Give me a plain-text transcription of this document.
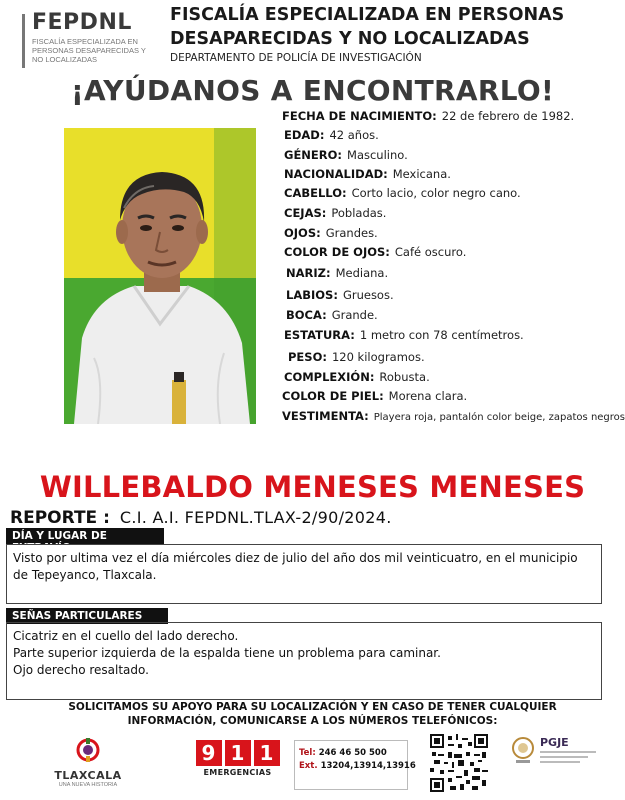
FEPDNL
FISCALÍA ESPECIALIZADA EN
PERSONAS DESAPARECIDAS Y
NO LOCALIZADAS
FISCALÍA ESPECIALIZADA EN PERSONAS
DESAPARECIDAS Y NO LOCALIZADAS
DEPARTAMENTO DE POLICÍA DE INVESTIGACIÓN
¡AYÚDANOS A ENCONTRARLO!
FECHA DE NACIMIENTO: 22 de febrero de 1982.
EDAD: 42 años.
GÉNERO: Masculino.
NACIONALIDAD: Mexicana.
CABELLO: Corto lacio, color negro cano.
CEJAS: Pobladas.
OJOS: Grandes.
COLOR DE OJOS: Café oscuro.
NARIZ: Mediana.
LABIOS: Gruesos.
BOCA: Grande.
ESTATURA: 1 metro con 78 centímetros.
PESO: 120 kilogramos.
COMPLEXIÓN: Robusta.
COLOR DE PIEL: Morena clara.
VESTIMENTA: Playera roja, pantalón color beige, zapatos negros
WILLEBALDO MENESES MENESES
REPORTE : C.I. A.I. FEPDNL.TLAX-2/90/2024.
DÍA Y LUGAR DE EXTRAVÍO

Visto por ultima vez el día miércoles diez de julio del año dos mil veinticuatro, en el municipio de Tepeyanco, Tlaxcala.

SEÑAS PARTICULARES

Cicatriz en el cuello del lado derecho.

Parte superior izquierda de la espalda tiene un problema para caminar.

Ojo derecho resaltado.

SOLICITAMOS SU APOYO PARA SU LOCALIZACIÓN Y EN CASO DE TENER CUALQUIER
INFORMACIÓN, COMUNICARSE A LOS NÚMEROS TELEFÓNICOS:
TLAXCALA
UNA NUEVA HISTORIA
9 1 1
EMERGENCIAS
Tel: 246 46 50 500
Ext. 13204,13914,13916
PGJE
